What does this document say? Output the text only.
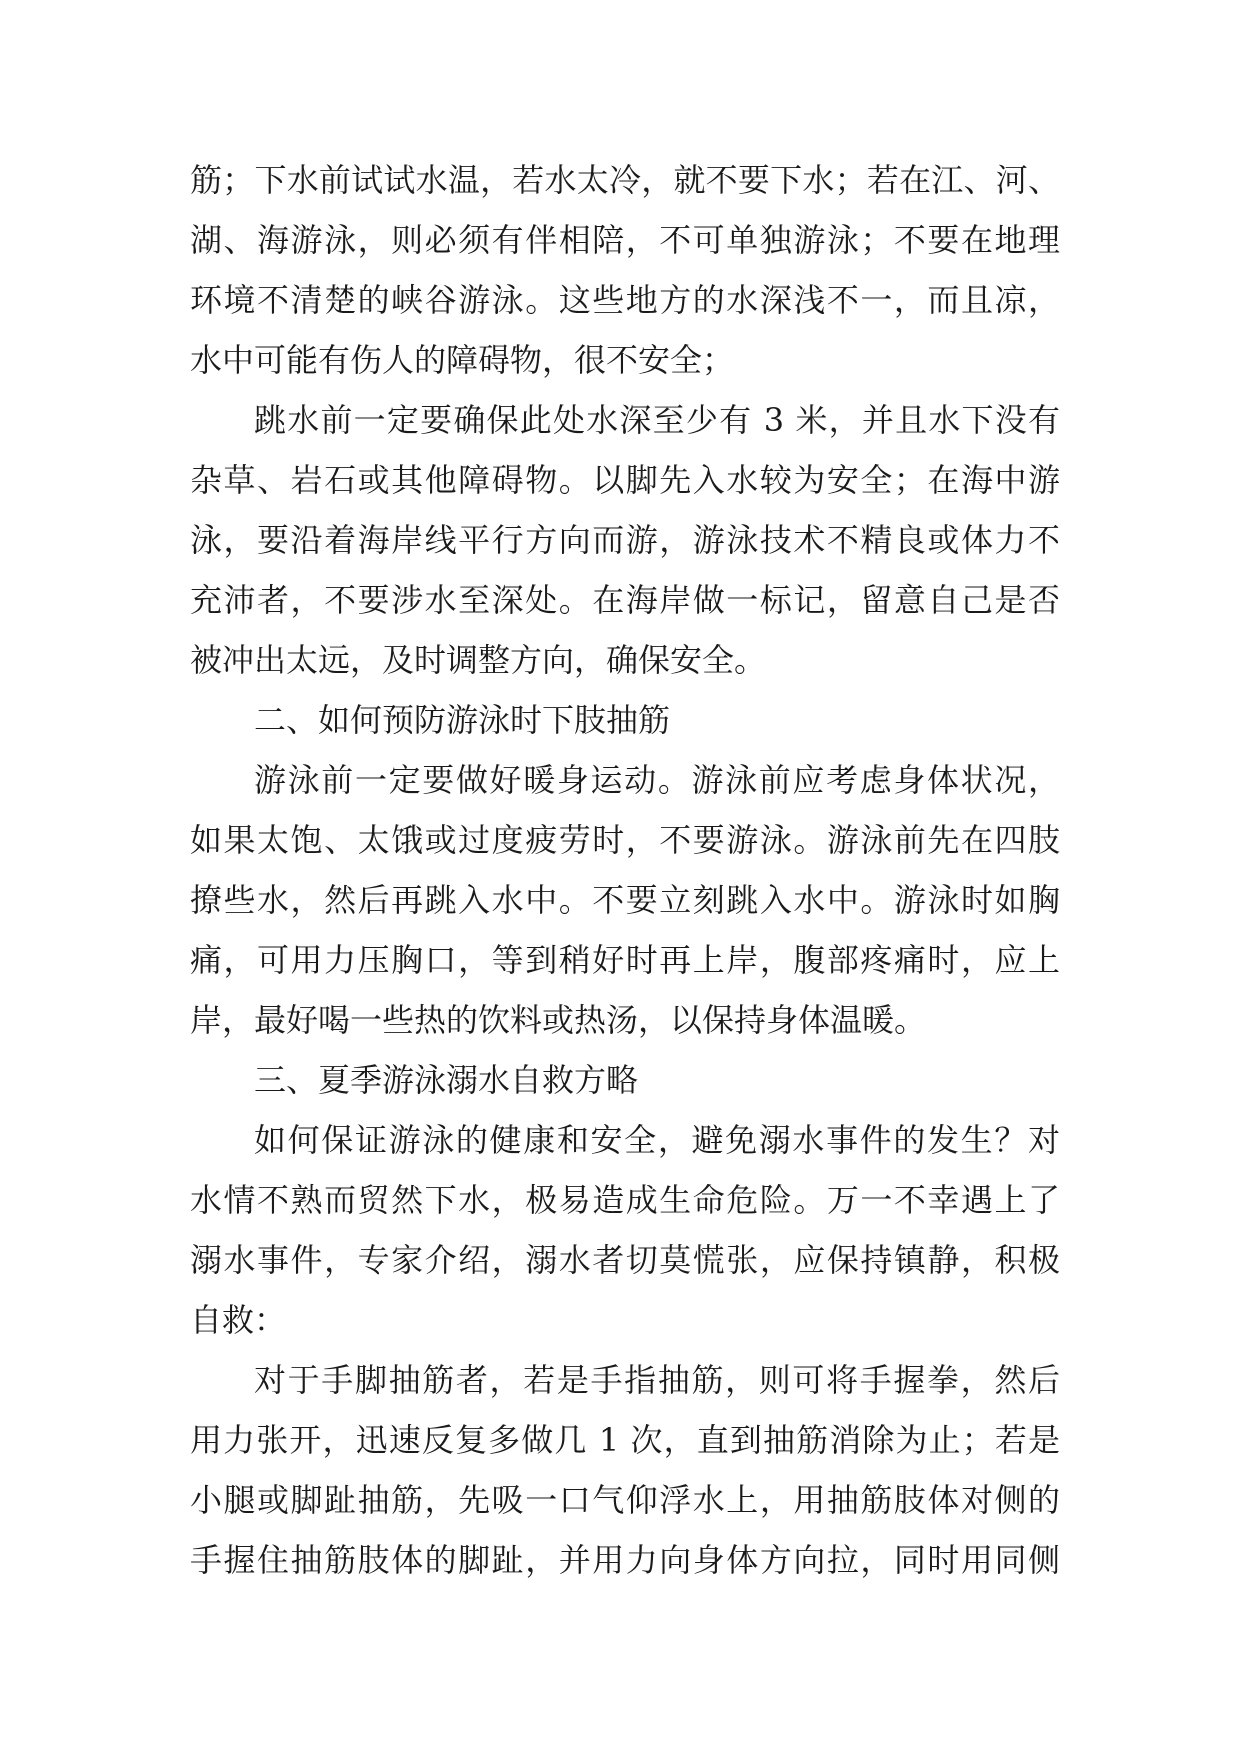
筋；下水前试试水温，若水太冷，就不要下水；若在江、河、
湖、海游泳，则必须有伴相陪，不可单独游泳；不要在地理
环境不清楚的峡谷游泳。这些地方的水深浅不一，而且凉，
水中可能有伤人的障碍物，很不安全；
跳水前一定要确保此处水深至少有 3 米，并且水下没有
杂草、岩石或其他障碍物。以脚先入水较为安全；在海中游
泳，要沿着海岸线平行方向而游，游泳技术不精良或体力不
充沛者，不要涉水至深处。在海岸做一标记，留意自己是否
被冲出太远，及时调整方向，确保安全。
二、如何预防游泳时下肢抽筋
游泳前一定要做好暖身运动。游泳前应考虑身体状况，
如果太饱、太饿或过度疲劳时，不要游泳。游泳前先在四肢
撩些水，然后再跳入水中。不要立刻跳入水中。游泳时如胸
痛，可用力压胸口，等到稍好时再上岸，腹部疼痛时，应上
岸，最好喝一些热的饮料或热汤，以保持身体温暖。
三、夏季游泳溺水自救方略
如何保证游泳的健康和安全，避免溺水事件的发生？对
水情不熟而贸然下水，极易造成生命危险。万一不幸遇上了
溺水事件，专家介绍，溺水者切莫慌张，应保持镇静，积极
自救：
对于手脚抽筋者，若是手指抽筋，则可将手握拳，然后
用力张开，迅速反复多做几 1 次，直到抽筋消除为止；若是
小腿或脚趾抽筋，先吸一口气仰浮水上，用抽筋肢体对侧的
手握住抽筋肢体的脚趾，并用力向身体方向拉，同时用同侧
